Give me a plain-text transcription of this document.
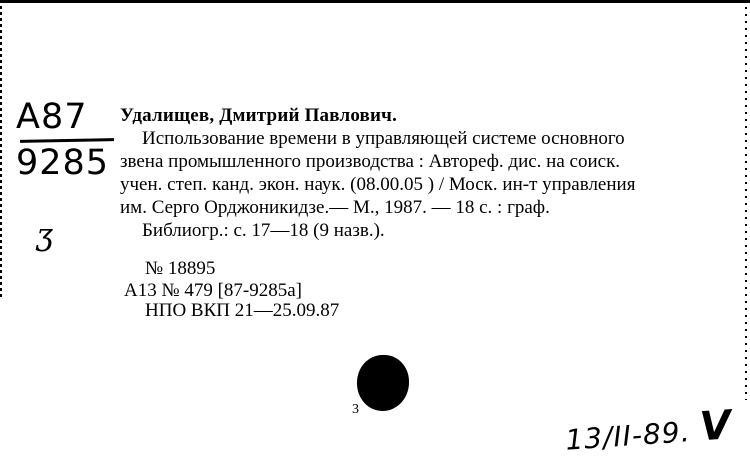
A87
9285
ʒ

Удалищев, Дмитрий Павлович.

Использование времени в управляющей системе основного

звена промышленного производства : Автореф. дис. на соиск.

учен. степ. канд. экон. наук. (08.00.05 ) / Моск. ин-т управления

им. Серго Орджоникидзе.— М., 1987. — 18 с. : граф.

Библиогр.: с. 17—18 (9 назв.).

№ 18895
А13 № 479 [87-9285а]
НПО ВКП 21—25.09.87
3
13/II-89. V
